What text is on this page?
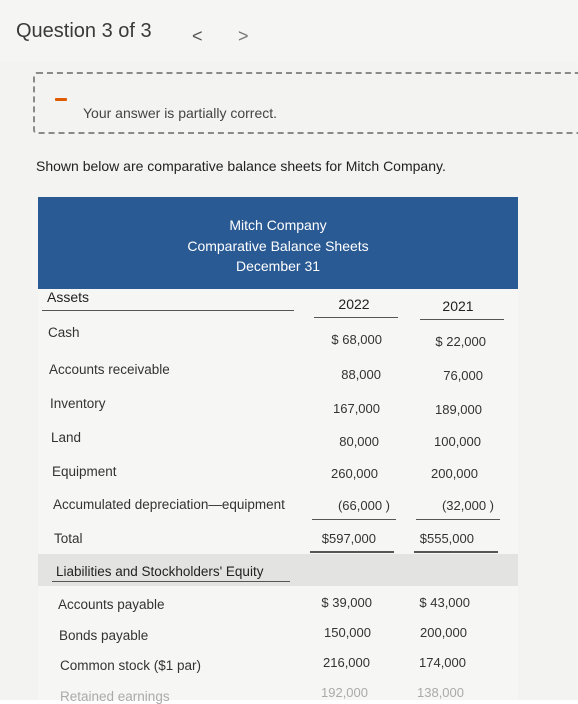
Question 3 of 3 < >
Your answer is partially correct.
Shown below are comparative balance sheets for Mitch Company.
Mitch Company
Comparative Balance Sheets
December 31
Assets	2022	2021
Cash	$ 68,000	$ 22,000
Accounts receivable	88,000	76,000
Inventory	167,000	189,000
Land	80,000	100,000
Equipment	260,000	200,000
Accumulated depreciation—equipment	(66,000 )	(32,000 )
Total	$597,000	$555,000
Liabilities and Stockholders' Equity
Accounts payable	$ 39,000	$ 43,000
Bonds payable	150,000	200,000
Common stock ($1 par)	216,000	174,000
Retained earnings	192,000	138,000
